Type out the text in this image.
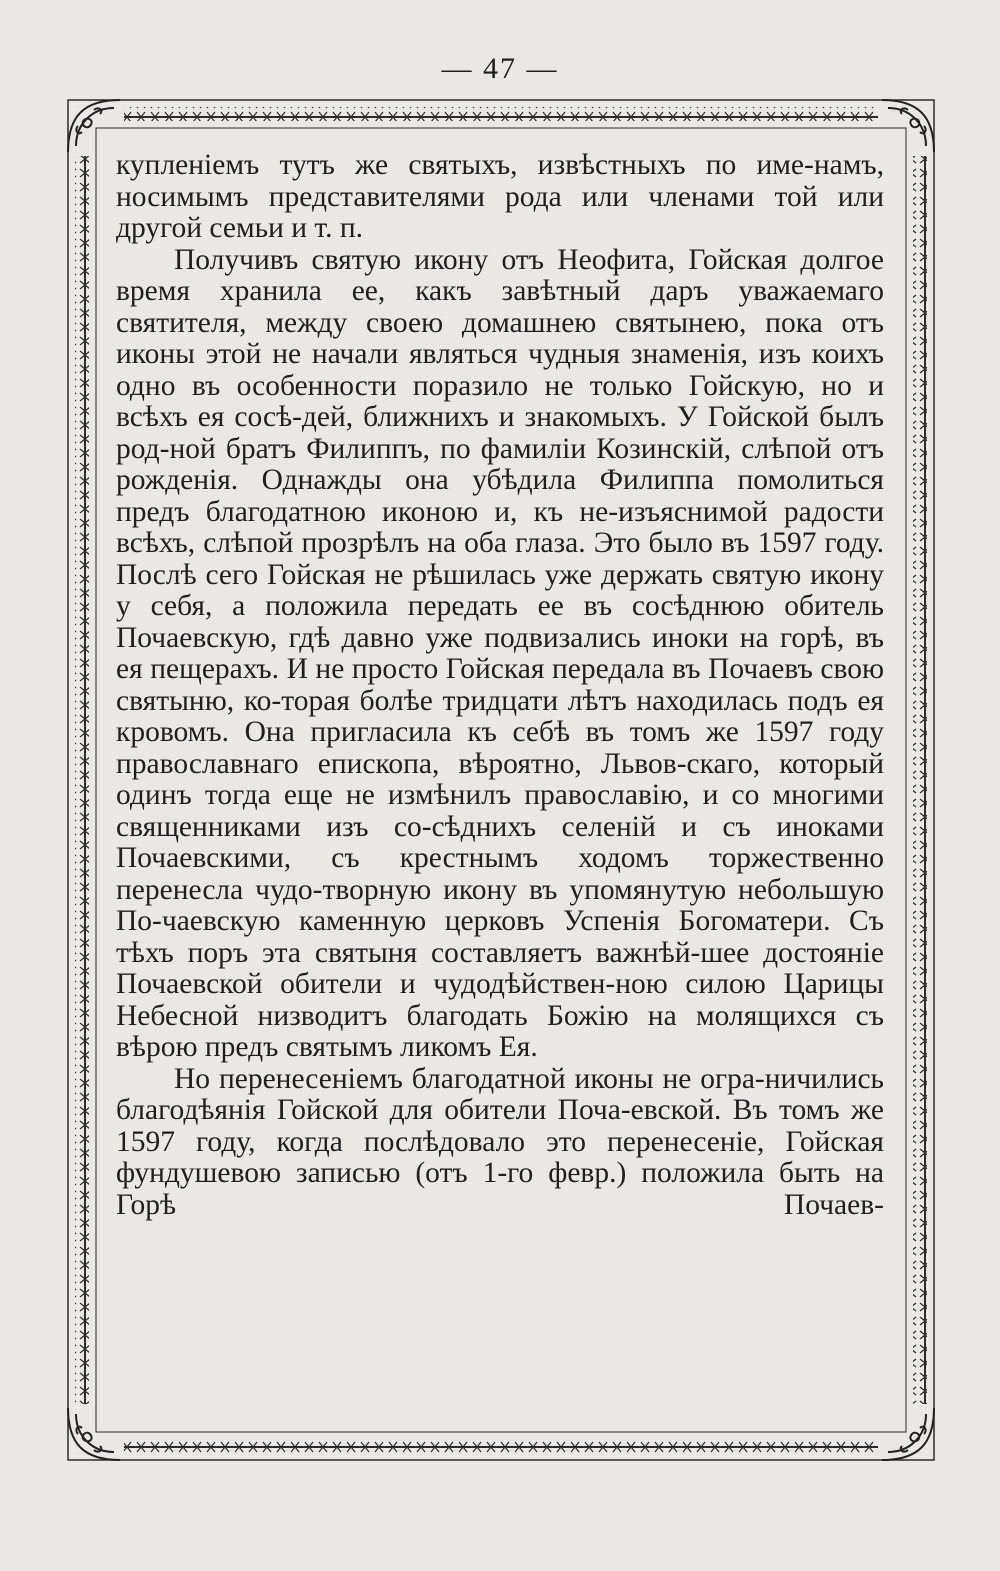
— 47 —

купленіемъ тутъ же святыхъ, извѣстныхъ по име-намъ, носимымъ представителями рода или членами той или другой семьи и т. п.

Получивъ святую икону отъ Неофита, Гойская долгое время хранила ее, какъ завѣтный даръ уважаемаго святителя, между своею домашнею святынею, пока отъ иконы этой не начали являться чудныя знаменія, изъ коихъ одно въ особенности поразило не только Гойскую, но и всѣхъ ея сосѣ-дей, ближнихъ и знакомыхъ. У Гойской былъ род-ной братъ Филиппъ, по фамиліи Козинскій, слѣпой отъ рожденія. Однажды она убѣдила Филиппа помолиться предъ благодатною иконою и, къ не-изъяснимой радости всѣхъ, слѣпой прозрѣлъ на оба глаза. Это было въ 1597 году. Послѣ сего Гойская не рѣшилась уже держать святую икону у себя, а положила передать ее въ сосѣднюю обитель Почаевскую, гдѣ давно уже подвизались иноки на горѣ, въ ея пещерахъ. И не просто Гойская передала въ Почаевъ свою святыню, ко-торая болѣе тридцати лѣтъ находилась подъ ея кровомъ. Она пригласила къ себѣ въ томъ же 1597 году православнаго епископа, вѣроятно, Львов-скаго, который одинъ тогда еще не измѣнилъ православію, и со многими священниками изъ со-сѣднихъ селеній и съ иноками Почаевскими, съ крестнымъ ходомъ торжественно перенесла чудо-творную икону въ упомянутую небольшую По-чаевскую каменную церковъ Успенія Богоматери. Съ тѣхъ поръ эта святыня составляетъ важнѣй-шее достояніе Почаевской обители и чудодѣйствен-ною силою Царицы Небесной низводитъ благодать Божію на молящихся съ вѣрою предъ святымъ ликомъ Ея.

Но перенесеніемъ благодатной иконы не огра-ничились благодѣянія Гойской для обители Поча-евской. Въ томъ же 1597 году, когда послѣдовало это перенесеніе, Гойская фундушевою записью (отъ 1-го февр.) положила быть на Горѣ Почаев-
